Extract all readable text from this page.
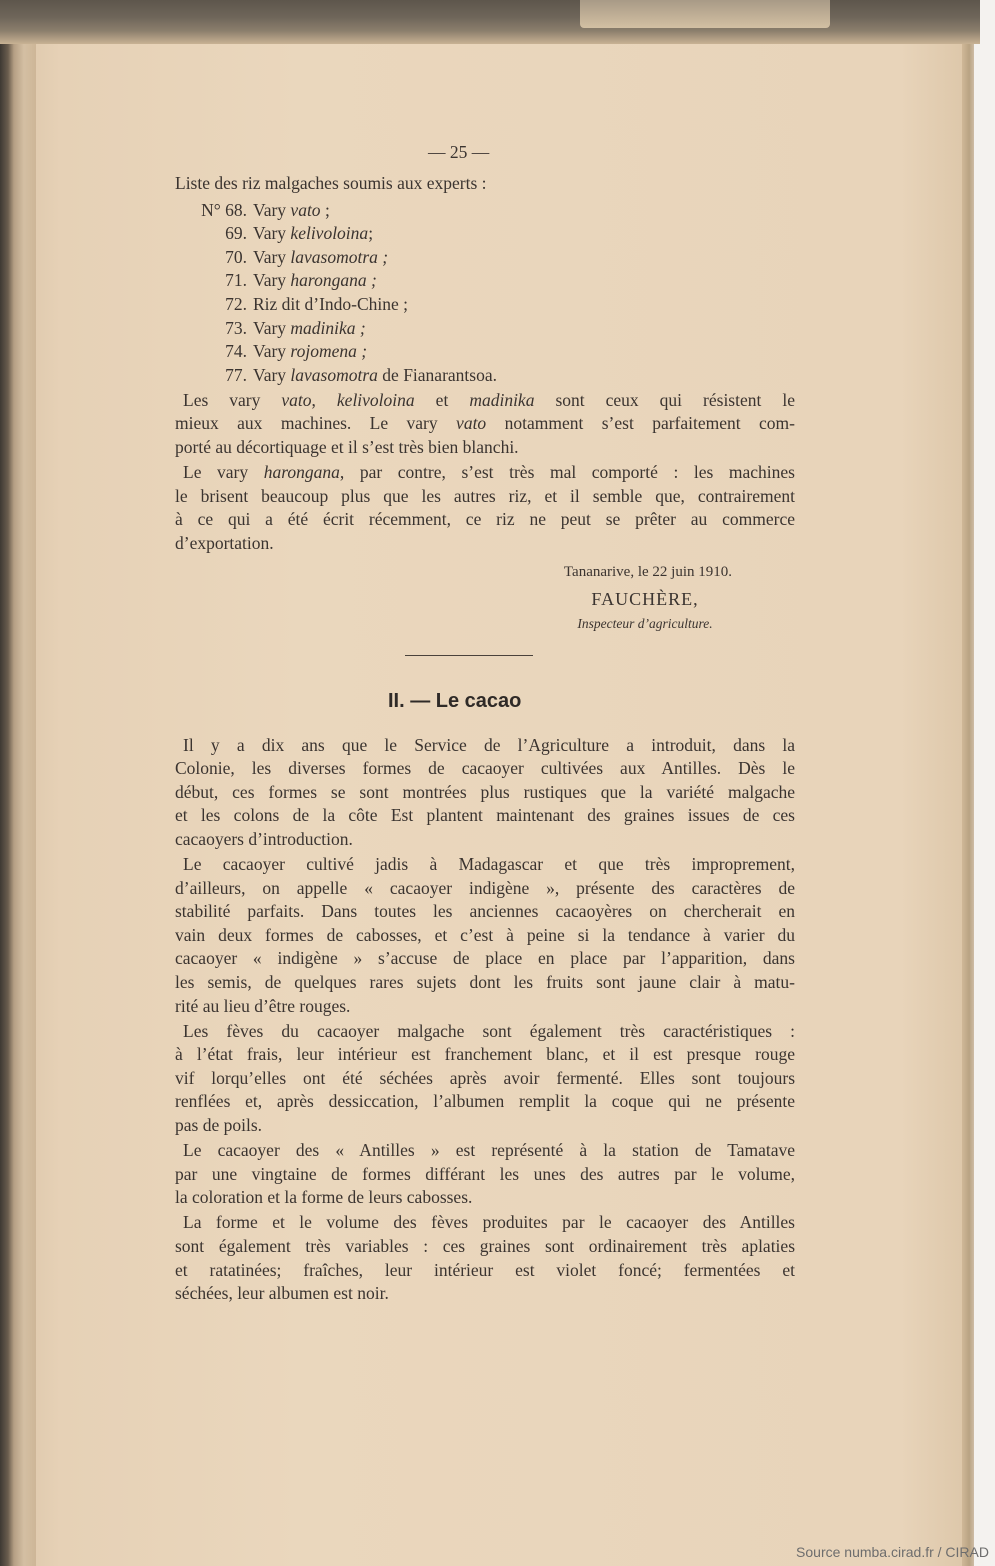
— 25 —
Liste des riz malgaches soumis aux experts :
N° 68. Vary vato ;
69. Vary kelivoloina;
70. Vary lavasomotra ;
71. Vary harongana ;
72. Riz dit d’Indo-Chine ;
73. Vary madinika ;
74. Vary rojomena ;
77. Vary lavasomotra de Fianarantsoa.
Les vary vato, kelivoloina et madinika sont ceux qui résistent le
mieux aux machines. Le vary vato notamment s’est parfaitement com-
porté au décortiquage et il s’est très bien blanchi.
Le vary harongana, par contre, s’est très mal comporté : les machines
le brisent beaucoup plus que les autres riz, et il semble que, contrairement
à ce qui a été écrit récemment, ce riz ne peut se prêter au commerce
d’exportation.
Tananarive, le 22 juin 1910.
FAUCHÈRE,
Inspecteur d’agriculture.
II. — Le cacao
Il y a dix ans que le Service de l’Agriculture a introduit, dans la
Colonie, les diverses formes de cacaoyer cultivées aux Antilles. Dès le
début, ces formes se sont montrées plus rustiques que la variété malgache
et les colons de la côte Est plantent maintenant des graines issues de ces
cacaoyers d’introduction.
Le cacaoyer cultivé jadis à Madagascar et que très improprement,
d’ailleurs, on appelle « cacaoyer indigène », présente des caractères de
stabilité parfaits. Dans toutes les anciennes cacaoyères on chercherait en
vain deux formes de cabosses, et c’est à peine si la tendance à varier du
cacaoyer « indigène » s’accuse de place en place par l’apparition, dans
les semis, de quelques rares sujets dont les fruits sont jaune clair à matu-
rité au lieu d’être rouges.
Les fèves du cacaoyer malgache sont également très caractéristiques :
à l’état frais, leur intérieur est franchement blanc, et il est presque rouge
vif lorqu’elles ont été séchées après avoir fermenté. Elles sont toujours
renflées et, après dessiccation, l’albumen remplit la coque qui ne présente
pas de poils.
Le cacaoyer des « Antilles » est représenté à la station de Tamatave
par une vingtaine de formes différant les unes des autres par le volume,
la coloration et la forme de leurs cabosses.
La forme et le volume des fèves produites par le cacaoyer des Antilles
sont également très variables : ces graines sont ordinairement très aplaties
et ratatinées; fraîches, leur intérieur est violet foncé; fermentées et
séchées, leur albumen est noir.
Source numba.cirad.fr / CIRAD
